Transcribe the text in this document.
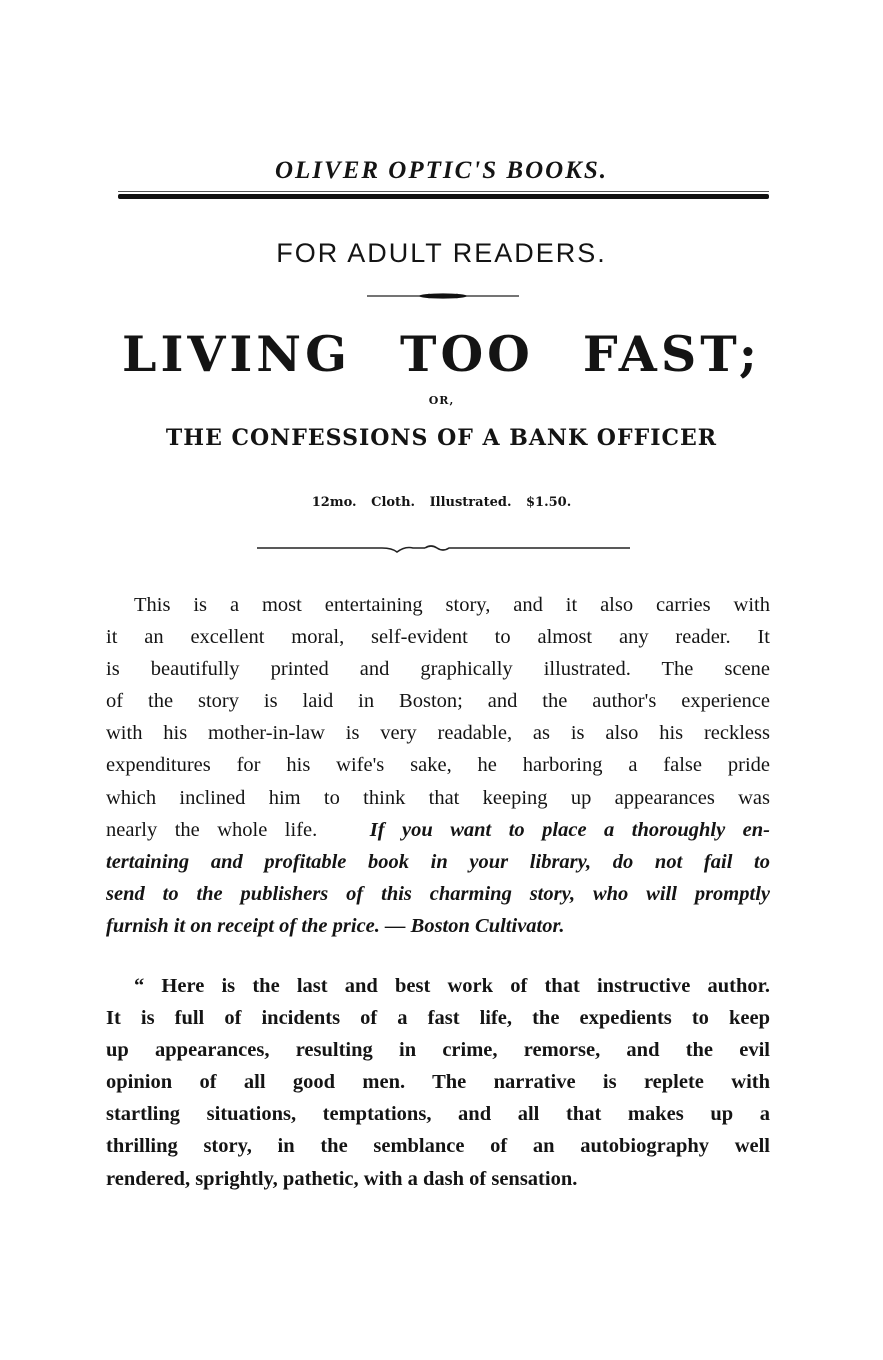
OLIVER OPTIC'S BOOKS.
FOR ADULT READERS.
LIVING TOO FAST;
OR,
THE CONFESSIONS OF A BANK OFFICER
12mo. Cloth. Illustrated. $1.50.
This is a most entertaining story, and it also carries with
it an excellent moral, self-evident to almost any reader. It
is beautifully printed and graphically illustrated. The scene
of the story is laid in Boston; and the author's experience
with his mother-in-law is very readable, as is also his reckless
expenditures for his wife's sake, he harboring a false pride
which inclined him to think that keeping up appearances was
nearly the whole life.	If you want to place a thoroughly en-
tertaining and profitable book in your library, do not fail to
send to the publishers of this charming story, who will promptly
furnish it on receipt of the price. — Boston Cultivator.
“ Here is the last and best work of that instructive author.
It is full of incidents of a fast life, the expedients to keep
up appearances, resulting in crime, remorse, and the evil
opinion of all good men. The narrative is replete with
startling situations, temptations, and all that makes up a
thrilling story, in the semblance of an autobiography well
rendered, sprightly, pathetic, with a dash of sensation.
